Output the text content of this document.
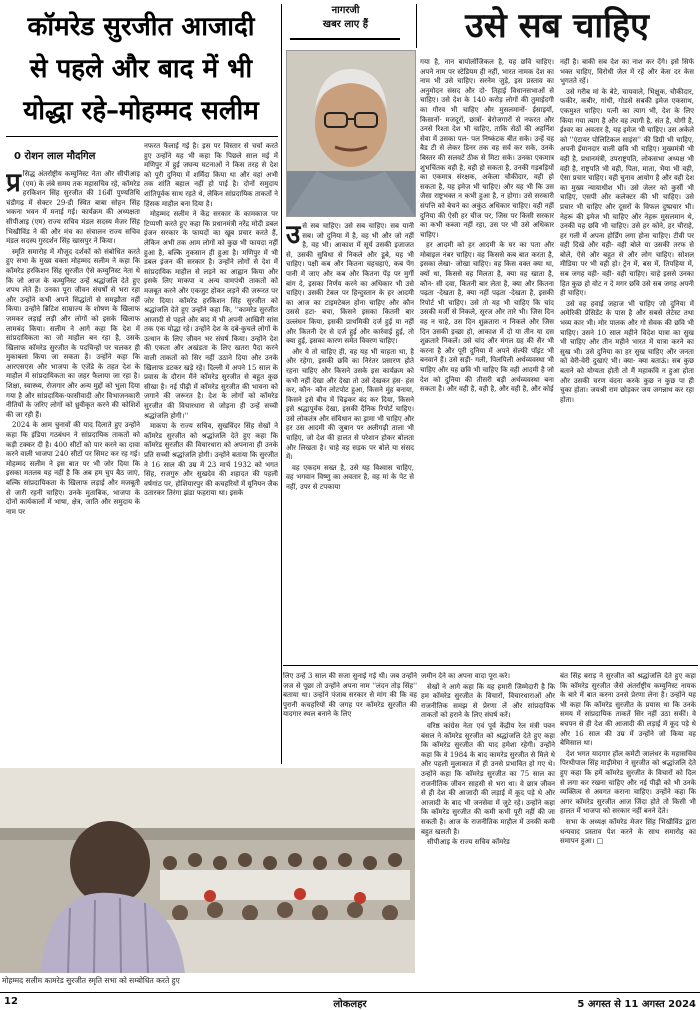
कॉमरेड सुरजीत आजादी
से पहले और बाद में भी
योद्धा रहे–मोहम्मद सलीम
0 रोशन लाल मौदगिल
नागरजी
खबर लाए हैं	उसे सब चाहिए
प्र सिद्ध अंतर्राष्ट्रीय कम्युनिस्ट नेता और सीपीआइ (एम) के लंबे समय तक महासचिव रहे, कॉमरेड हरकिशन सिंह सुरजीत की 16वीं पुण्यतिथि चंडीगढ़ में सेक्टर 29-डी स्थित बाबा सोहन सिंह भकना भवन में मनाई गई। कार्यक्रम की अध्यक्षता सीपीआइ (एम) राज्य सचिव मंडल सदस्य मेजर सिंह भिखीविंड ने की और मंच का संचालन राज्य सचिव मंडल सदस्य गुरदर्शन सिंह खासपुर ने किया।

स्मृति समारोह में मौजूद दर्शकों को संबोधित करते हुए सभा के मुख्य वक्ता मोहम्मद सलीम ने कहा कि कॉमरेड हरकिशन सिंह सुरजीत ऐसे कम्युनिस्ट नेता थे कि जो आज के कम्युनिस्ट उन्हें श्रद्धांजलि देते हुए शपथ लेते हैं। उनका पूरा जीवन संघर्षों से भरा रहा और उन्होंने कभी अपने सिद्धांतों से समझौता नहीं किया। उन्होंने ब्रिटिश साम्राज्य के शोषण के खिलाफ जमकर लड़ाई लड़ी और लोगों को इसके खिलाफ लामबंद किया। सलीम ने आगे कहा कि देश में सांप्रदायिकता का जो माहौल बन रहा है, उसके खिलाफ कॉमरेड सुरजीत के पदचिन्हों पर चलकर ही मुकाबला किया जा सकता है। उन्होंने कहा कि आरएसएस और भाजपा के एजेंडे के तहत देश के माहौल में सांप्रदायिकता का जहर फैलाया जा रहा है। शिक्षा, स्वास्थ्य, रोजगार और अन्य मुद्दों को भुला दिया गया है और सांप्रदायिक-फासीवादी और विभाजनकारी नीतियों के जरिए लोगों को ध्रुवीकृत करने की कोशिशें की जा रही हैं।

2024 के आम चुनावों की याद दिलाते हुए उन्होंने कहा कि इंडिया गठबंधन ने सांप्रदायिक ताकतों को कड़ी टक्कर दी है। 400 सीटों को पार करने का दावा करने वाली भाजपा 240 सीटों पर सिमट कर रह गई। मोहम्मद सलीम ने इस बात पर भी जोर दिया कि इसका मतलब यह नहीं है कि अब हम चुप बैठ जाएं, बल्कि सांप्रदायिकता के खिलाफ लड़ाई और मजबूती से जारी रहनी चाहिए। उनके मुताबिक, भाजपा के दोनों कार्यकालों में भाषा, क्षेत्र, जाति और समुदाय के नाम पर

नफरत फैलाई गई है। इस पर विस्तार से चर्चा करते हुए उन्होंने यह भी कहा कि पिछले साल मई में मणिपुर में हुई जघन्य घटनाओं ने किस तरह से देश को पूरी दुनिया में शर्मिंदा किया था और वहां अभी तक शांति बहाल नहीं हो पाई है। दोनों समुदाय शांतिपूर्वक साथ रहते थे, लेकिन सांप्रदायिक ताकतों ने हिंसक माहौल बना दिया है।

मोहम्मद सलीम ने केंद्र सरकार के कामकाज पर टिप्पणी करते हुए कहा कि प्रधानमंत्री नरेंद्र मोदी डबल इंजन सरकार के फायदों का खूब प्रचार करते हैं, लेकिन अभी तक आम लोगों को कुछ भी फायदा नहीं हुआ है, बल्कि नुकसान ही हुआ है। मणिपुर में भी डबल इंजन की सरकार है। उन्होंने लोगों से देश में सांप्रदायिक माहौल से लड़ने का आह्वान किया और इसके लिए माकपा व अन्य वामपंथी ताकतों को मजबूत करने और एकजुट होकर लड़ने की जरूरत पर जोर दिया। कॉमरेड हरकिशन सिंह सुरजीत को श्रद्धांजलि देते हुए उन्होंने कहा कि, ''कामरेड सुरजीत आजादी से पहले और बाद में भी अपनी आखिरी सांस तक एक योद्धा रहे। उन्होंने देश के दबे-कुचले लोगों के उत्थान के लिए जीवन भर संघर्ष किया। उन्होंने देश की एकता और अखंडता के लिए खतरा पैदा करने वाली ताकतों को सिर नहीं उठाने दिया और उनके खिलाफ डटकर खड़े रहे। दिल्ली में अपने 15 साल के प्रवास के दौरान मैंने कॉमरेड सुरजीत से बहुत कुछ सीखा है। नई पीढ़ी में कॉमरेड सुरजीत की भावना को जगाने की जरूरत है। देश के लोगों को कॉमरेड सुरजीत की विचारधारा से जोड़ना ही उन्हें सच्ची श्रद्धांजलि होगी।''

माकपा के राज्य सचिव, सुखविंदर सिंह सेखों ने कॉमरेड सुरजीत को श्रद्धांजलि देते हुए कहा कि कॉमरेड सुरजीत की विचारधारा को अपनाना ही उनके प्रति सच्ची श्रद्धांजलि होगी। उन्होंने बताया कि सुरजीत ने 16 साल की उम्र में 23 मार्च 1932 को भगत सिंह, राजगुरु और सुखदेव की शहादत की पहली वर्षगांठ पर, होशियारपुर की कचहरियों में यूनियन जैक उतारकर तिरंगा झंडा फहराया था। इसके

उ से सब चाहिए। उसे सब चाहिए। सब यानी सब। जो दुनिया में है, वह भी और जो नहीं है, वह भी। आकाश में सूर्य उसकी इजाजत से, उसकी सुविधा से निकले और डूबे, यह भी चाहिए। पक्षी कब और कितना चहचहाएं, कब पेंग पानी में जाए और कब और कितना पेंड़ पर मुर्गी बांग दे, इसका निर्णय करने का अधिकार भी उसे चाहिए। उसकी टेबल पर हिन्दुस्तान के हर आदमी का आज का टाइमटेबल होना चाहिए और कौन उससे हटा- बचा, किसने इसका कितनी बार उल्लंघन किया, इसकी प्राथमिकी दर्ज हुई या नहीं और कितनी देर से दर्ज हुई और कार्रवाई हुई, तो क्या हुई, इसका कारण समेत विवरण चाहिए।

और ये तो चाहिए ही, वह यह भी चाहता था, है और रहेगा, इसकी छवि का निरंतर प्रसारण होते रहना चाहिए और किसने उसके इस कार्यक्रम को कभी नहीं देखा और देखा तो उसे देखकर हंस- हंस कर, कौन- कौन लोटपोट हुआ, किसने मुंह बनाया, किसने इसे बीच में चिढ़कर बंद कर दिया, किसने इसे श्रद्धापूर्वक देखा, इसकी दैनिक रिपोर्ट चाहिए। उसे लोकतंत्र और संविधान का ड्रामा भी चाहिए और हर उस आदमी की जुबान पर अलीगढ़ी ताला भी चाहिए, जो देश की हालत से परेशान होकर बोलता और लिखता है। चाहे वह सड़क पर बोले या संसद में।

वह एकदम सख्त है, उसे यह विश्वास चाहिए, वह भगवान विष्णु का अवतार है, वह मां के पेट से नहीं, उपर से टपकाया

गया है, नान बायोलॉजिकल है, यह छवि चाहिए। अपने नाम पर स्टेडियम ही नहीं, भारत नामक देश का नाम भी उसे चाहिए। सरनेम जुड़े, इस प्रस्ताव का अनुमोदन संसद और दो- तिहाई विधानसभाओं से चाहिए। उसे देश के 140 करोड़ लोगों की तुमाईदगी का गौरव भी चाहिए और मुसलमानों- ईसाइयों, किसानों- मजदूरों, छात्रों- बेरोजगारों से नफरत और उनसे रिश्ता देश भी चाहिए, ताकि सेठों की अहर्निश सेवा में उसका पल- पल निष्कंटक बीत सके। उन्हें वह बैड टी से लेकर डिनर तक वह सर्व कर सके, उनके बिस्तर की सलवटें ठीक से मिटा सके। उनका एकमात्र शुभचिंतक वही है, वही हो सकता है, उनकी गड़बड़ियों का एकमात्र संरक्षक, अकेला चौकीदार, वही हो सकता है, यह इमेज भी चाहिए। और यह भी कि उस जैसा राष्ट्रभक्त न कभी हुआ है, न होगा। उसे सरकारी संपत्ति को बेचने का अकुंठ अधिकार चाहिए। वही नहीं दुनिया की ऐसी हर चीज पर, जिस पर किसी सरकार का कभी कब्जा नहीं रहा, उस पर भी उसे अधिकार चाहिए।

हर आदमी को हर आदमी के घर का पता और मोबाइल नंबर चाहिए। वह किससे कब बात करता है, इसका लेखा- जोखा चाहिए। वह किस वक्त क्या था, क्यों था, किससे वह मिलता है, क्या वह खाता है, कौन- सी दवा, कितनी बार लेता है, क्या और कितना पढ़ता -देखता है, क्या नहीं पढ़ता -देखता है, इसकी रिपोर्ट भी चाहिए। उसे तो यह भी चाहिए कि चांद उसकी मर्जी से निकले, सूरज और तारे भी। जिस दिन वह न चाहे, उस दिन शुक्रतारा न निकले और जिस दिन उसकी इच्छा हो, आकाश में दो या तीन या दस शुक्रतारे निकलें। उसे चांद और मंगल ग्रह की सैर भी करना है और पूरी दुनिया में अपने सेल्फी पॉइंट भी बनवाने हैं। उसे सड़ी- गली, पिलपिली अर्थव्यवस्था भी चाहिए और यह छवि भी चाहिए कि वही आदमी है जो देश को दुनिया की तीसरी बड़ी अर्थव्यवस्था बना सकता है। और वही है, वही है, और वही है, और कोई

नहीं है। बाकी सब देश का नाश कर देंगे। इसे सिर्फ भक्त चाहिए, विरोधी जेल में रहें और केस दर केस भुगतते रहें।

उसे गरीब मां के बेटे, चायवाले, भिक्षुक, चौकीदार, फकीर, कबीर, गांधी, गोडसे सबकी इमेज एकसाथ, एकमुश्त चाहिए। पत्नी का त्याग भी, देश के लिए किया गया त्याग है और वह त्यागी है, संत है, योगी है, ईश्वर का अवतार है, यह इमेज भी चाहिए। उस अकेले को ''एंटायर पोलिटिकल साइंस'' की डिग्री भी चाहिए, अपनी ईमानदार वाली छवि भी चाहिए। मुख्यमंत्री भी वही है, प्रधानमंत्री, उपराष्ट्रपति, लोकसभा अध्यक्ष भी वही है, राष्ट्रपति भी वही, पिता, माता, भैया भी वही, ऐसा प्रचार चाहिए। वही चुनाव आयोग है और वही देश का मुख्य न्यायाधीश भी। उसे जेलर को कुर्सी भी चाहिए, एसपी और कलेक्टर की भी चाहिए। उसे प्रचार भी चाहिए और दूसरों के विफल दुष्प्रचार भी। नेहरू की इमेज भी चाहिए और नेहरू मुसलमान थे, उनकी यह छवि भी चाहिए। उसे हर कोने, हर चौराहे, हर गली में अपना होर्डिंग लगा होना चाहिए। टीवी पर वही दिखे और वही- वही बोले या उसकी तरफ से बोले, ऐसे और बहुत से और लोग चाहिए। सोशल मीडिया पर भी वही हो। ट्रेन में, बस में, तिपहिया में, सब जगह वही- वही- वही चाहिए। चाहे इससे उनका हित कुछ हो वोट न दे मगर छवि उसे सब जगह अपनी ही चाहिए।

उसे वह हवाई जहाज भी चाहिए जो दुनिया में अमेरिकी प्रेसिडेंट के पास है और सबसे लेटेस्ट तथा भव्य कार भी। मोर पालक और गो सेवक की छवि भी चाहिए। उसने 10 साल महीने विदेश यात्रा का सुख भी चाहिए और तीन महीने भारत में यात्रा करने का सुख भी। उसे दुनिया का हर सुख चाहिए और जनता को वेरी-वेरी दुखाएं भी। क्या- क्या बताऊं। सब कुछ बताने को योग्यता होती तो मैं महाकवि न हुआ होता और उसकी चरण वंदना करके कुछ न कुछ पा ही चुका होता। जयश्री राम छोड़कर जय जगन्नाथ कर रहा होता।

लिए उन्हें 3 साल की सजा सुनाई गई थी। जब उन्होंने जज से पूछा तो उन्होंने अपना नाम ''लंदन तोड़ सिंह'' बताया था। उन्होंने पंजाब सरकार से मांग की कि वह पुरानी कचहरियों की जगह पर कॉमरेड सुरजीत की यादगार स्थल बनाने के लिए

जमीन देने का अपना वादा पूरा करे।

सेखों ने आगे कहा कि यह हमारी जिम्मेदारी है कि हम कॉमरेड सुरजीत के विचारों, विचारधाराओं और राजनीतिक समझ से प्रेरणा लें और सांप्रदायिक ताकतों को हराने के लिए संघर्ष करें।

वरिष्ठ कांग्रेस नेता एवं पूर्व केंद्रीय रेल मंत्री पवन बंसल ने कॉमरेड सुरजीत को श्रद्धांजलि देते हुए कहा कि कॉमरेड सुरजीत की याद हमेशा रहेगी। उन्होंने कहा कि वे 1984 के बाद कामरेड सुरजीत से मिले थे और पहली मुलाकात में ही उनसे प्रभावित हो गए थे। उन्होंने कहा कि कॉमरेड सुरजीत का 75 साल का राजनीतिक जीवन साहसी से भरा था। वे छात्र जीवन से ही देश की आजादी की लड़ाई में कूद पड़े थे और आजादी के बाद भी जनसेवा में जुटे रहे। उन्होंने कहा कि कॉमरेड सुरजीत की कमी कभी पूरी नहीं की जा सकती है। आज के राजनीतिक माहौल में उनकी कमी बहुत खलती है।

सीपीआइ के राज्य सचिव कॉमरेड

बंत सिंह बराड़ ने सुरजीत को श्रद्धांजलि देते हुए कहा कि कॉमरेड सुरजीत जैसे अंतर्राष्ट्रीय कम्युनिस्ट नायक के बारे में बात करना उनसे प्रेरणा लेना है। उन्होंने यह भी कहा कि कॉमरेड सुरजीत के प्रयास था कि उनके समय में सांप्रदायिक ताकतें सिर नहीं उठा सकीं। वे बचपन से ही देश की आजादी की लड़ाई में कूद पड़े थे और 16 साल की उम्र में उन्होंने जो किया वह बेमिसाल था।

देश भगत यादगार हॉल कमेटी जालंधर के महासचिव पिरथीपाल सिंह माड़ीमेघा ने सुरजीत को श्रद्धांजलि देते हुए कहा कि हमें कॉमरेड सुरजीत के विचारों को दिल से लगा कर रखना चाहिए और नई पीढ़ी को भी उनके व्यक्तित्व से अवगत कराना चाहिए। उन्होंने कहा कि अगर कॉमरेड सुरजीत आज जिंदा होते तो किसी भी हालत में भाजपा को सरकार नहीं बनने देते।

सभा के अध्यक्ष कॉमरेड मेजर सिंह भिखीविंड द्वारा धन्यवाद प्रस्ताव पेश करने के साथ समारोह का समापन हुआ। □

मोहम्मद सलीम कामरेड सुरजीत स्मृति सभा को सम्बोधित करते हुए
12	लोकलहर	5 अगस्त से 11 अगस्त 2024
